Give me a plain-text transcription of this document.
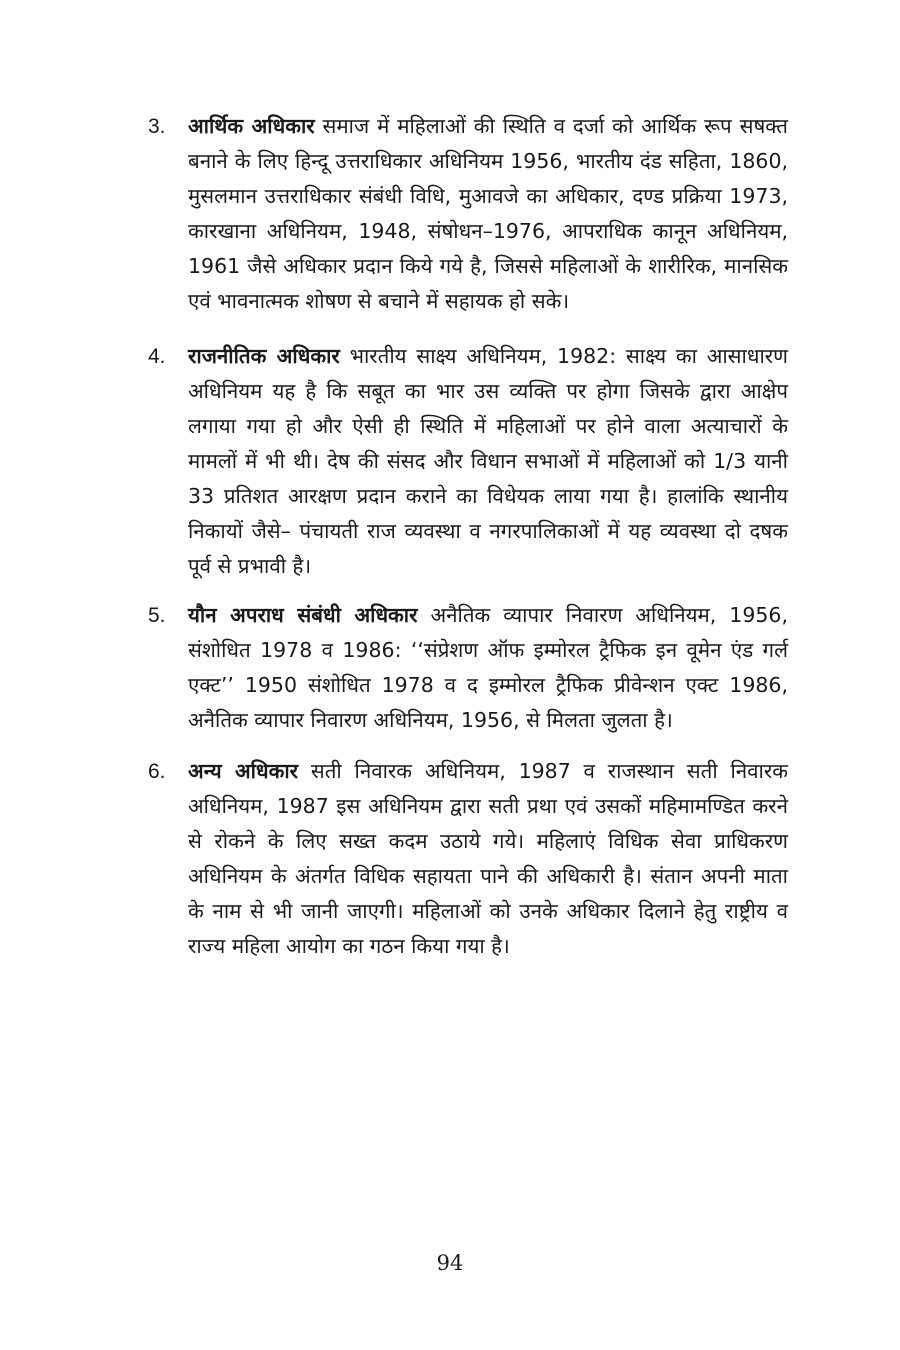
3.	आर्थिक अधिकार समाज में महिलाओं की स्थिति व दर्जा को आर्थिक रूप सषक्त बनाने के लिए हिन्दू उत्तराधिकार अधिनियम 1956, भारतीय दंड सहिता, 1860, मुसलमान उत्तराधिकार संबंधी विधि, मुआवजे का अधिकार, दण्ड प्रक्रिया 1973, कारखाना अधिनियम, 1948, संषोधन–1976, आपराधिक कानून अधिनियम, 1961 जैसे अधिकार प्रदान किये गये है, जिससे महिलाओं के शारीरिक, मानसिक एवं भावनात्मक शोषण से बचाने में सहायक हो सके।

4.	राजनीतिक अधिकार भारतीय साक्ष्य अधिनियम, 1982: साक्ष्य का आसाधारण अधिनियम यह है कि सबूत का भार उस व्यक्ति पर होगा जिसके द्वारा आक्षेप लगाया गया हो और ऐसी ही स्थिति में महिलाओं पर होने वाला अत्याचारों के मामलों में भी थी। देष की संसद और विधान सभाओं में महिलाओं को 1/3 यानी 33 प्रतिशत आरक्षण प्रदान कराने का विधेयक लाया गया है। हालांकि स्थानीय निकायों जैसे– पंचायती राज व्यवस्था व नगरपालिकाओं में यह व्यवस्था दो दषक पूर्व से प्रभावी है।

5.	यौन अपराध संबंधी अधिकार अनैतिक व्यापार निवारण अधिनियम, 1956, संशोधित 1978 व 1986: ‘‘संप्रेशण ऑफ इम्मोरल ट्रैफिक इन वूमेन एंड गर्ल एक्ट’’ 1950 संशोधित 1978 व द इम्मोरल ट्रैफिक प्रीवेन्शन एक्ट 1986, अनैतिक व्यापार निवारण अधिनियम, 1956, से मिलता जुलता है।

6.	अन्य अधिकार सती निवारक अधिनियम, 1987 व राजस्थान सती निवारक अधिनियम, 1987 इस अधिनियम द्वारा सती प्रथा एवं उसकों महिमामण्डित करने से रोकने के लिए सख्त कदम उठाये गये। महिलाएं विधिक सेवा प्राधिकरण अधिनियम के अंतर्गत विधिक सहायता पाने की अधिकारी है। संतान अपनी माता के नाम से भी जानी जाएगी। महिलाओं को उनके अधिकार दिलाने हेतु राष्ट्रीय व राज्य महिला आयोग का गठन किया गया है।

94
